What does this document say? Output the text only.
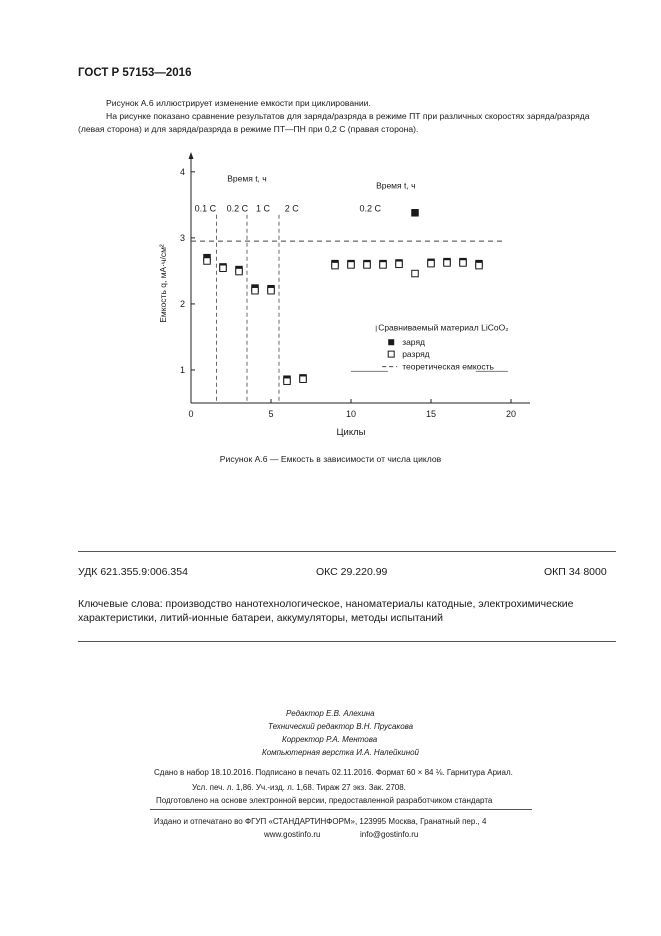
ГОСТ Р 57153—2016
Рисунок А.6 иллюстрирует изменение емкости при циклировании.
На рисунке показано сравнение результатов для заряда/разряда в режиме ПТ при различных скоростях заряда/разряда (левая сторона) и для заряда/разряда в режиме ПТ—ПН при 0,2 С (правая сторона).
0	5	10	15	20
1
2
3
4
Циклы
Емкость q, мА·ч/см²
0.1 C 0.2 C 1 C 2 C	0.2 C
Время t, ч
Время t, ч
Сравниваемый материал LiCoO₂
заряд
разряд
теоретическая емкость
Рисунок А.6 — Емкость в зависимости от числа циклов
УДК 621.355.9:006.354	ОКС 29.220.99	ОКП 34 8000
Ключевые слова: производство нанотехнологическое, наноматериалы катодные, электрохимические характеристики, литий-ионные батареи, аккумуляторы, методы испытаний
Редактор Е.В. Алехина
Технический редактор В.Н. Прусакова
Корректор Р.А. Ментова
Компьютерная верстка И.А. Налейкиной
Сдано в набор 18.10.2016. Подписано в печать 02.11.2016. Формат 60 × 84 ⅛. Гарнитура Ариал.
Усл. печ. л. 1,86. Уч.-изд. л. 1,68. Тираж 27 экз. Зак. 2708.
Подготовлено на основе электронной версии, предоставленной разработчиком стандарта
Издано и отпечатано во ФГУП «СТАНДАРТИНФОРМ», 123995 Москва, Гранатный пер., 4
www.gostinfo.ru	info@gostinfo.ru
